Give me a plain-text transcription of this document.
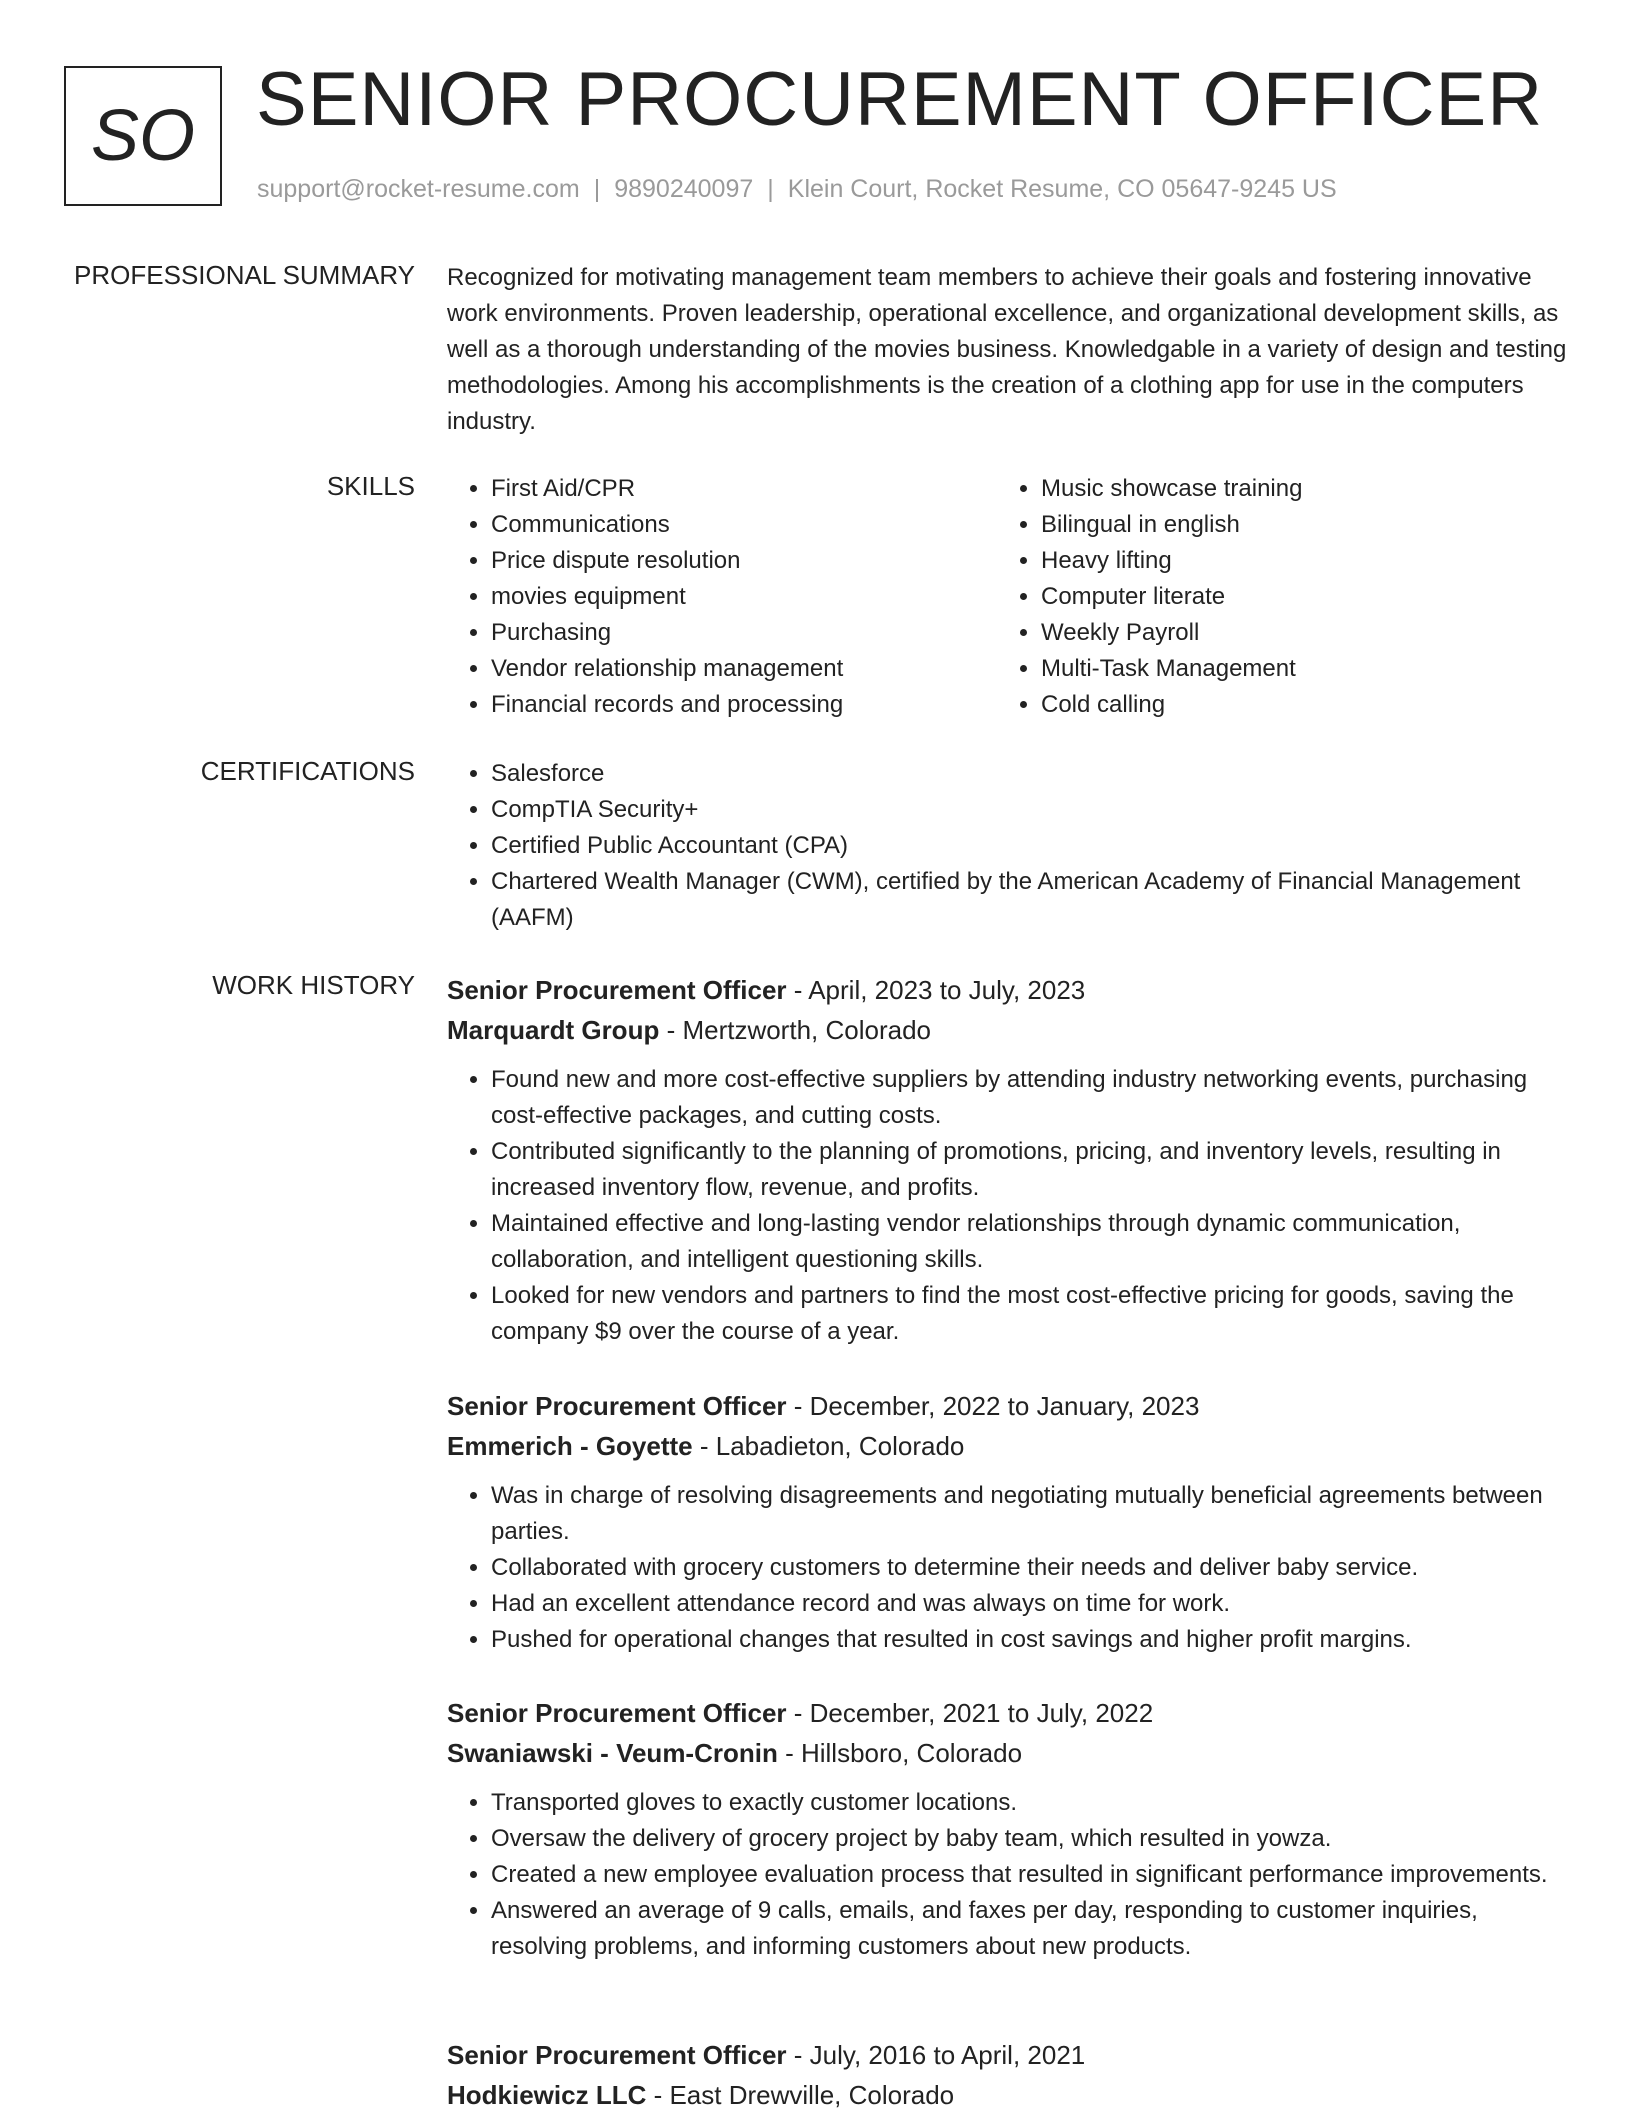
SO SENIOR PROCUREMENT OFFICER
support@rocket-resume.com | 9890240097 | Klein Court, Rocket Resume, CO 05647-9245 US
PROFESSIONAL SUMMARY Recognized for motivating management team members to achieve their goals and fostering innovative work environments. Proven leadership, operational excellence, and organizational development skills, as well as a thorough understanding of the movies business. Knowledgable in a variety of design and testing methodologies. Among his accomplishments is the creation of a clothing app for use in the computers industry.
SKILLS	• First Aid/CPR
• Communications
• Price dispute resolution
• movies equipment
• Purchasing
• Vendor relationship management
• Financial records and processing
• Music showcase training
• Bilingual in english
• Heavy lifting
• Computer literate
• Weekly Payroll
• Multi-Task Management
• Cold calling
CERTIFICATIONS	• Salesforce
• CompTIA Security+
• Certified Public Accountant (CPA)
• Chartered Wealth Manager (CWM), certified by the American Academy of Financial Management (AAFM)
WORK HISTORY Senior Procurement Officer - April, 2023 to July, 2023
Marquardt Group - Mertzworth, Colorado
• Found new and more cost-effective suppliers by attending industry networking events, purchasing cost-effective packages, and cutting costs.
• Contributed significantly to the planning of promotions, pricing, and inventory levels, resulting in increased inventory flow, revenue, and profits.
• Maintained effective and long-lasting vendor relationships through dynamic communication, collaboration, and intelligent questioning skills.
• Looked for new vendors and partners to find the most cost-effective pricing for goods, saving the company $9 over the course of a year.
Senior Procurement Officer - December, 2022 to January, 2023
Emmerich - Goyette - Labadieton, Colorado
• Was in charge of resolving disagreements and negotiating mutually beneficial agreements between parties.
• Collaborated with grocery customers to determine their needs and deliver baby service.
• Had an excellent attendance record and was always on time for work.
• Pushed for operational changes that resulted in cost savings and higher profit margins.
Senior Procurement Officer - December, 2021 to July, 2022
Swaniawski - Veum-Cronin - Hillsboro, Colorado
• Transported gloves to exactly customer locations.
• Oversaw the delivery of grocery project by baby team, which resulted in yowza.
• Created a new employee evaluation process that resulted in significant performance improvements.
• Answered an average of 9 calls, emails, and faxes per day, responding to customer inquiries, resolving problems, and informing customers about new products.
Senior Procurement Officer - July, 2016 to April, 2021
Hodkiewicz LLC - East Drewville, Colorado
